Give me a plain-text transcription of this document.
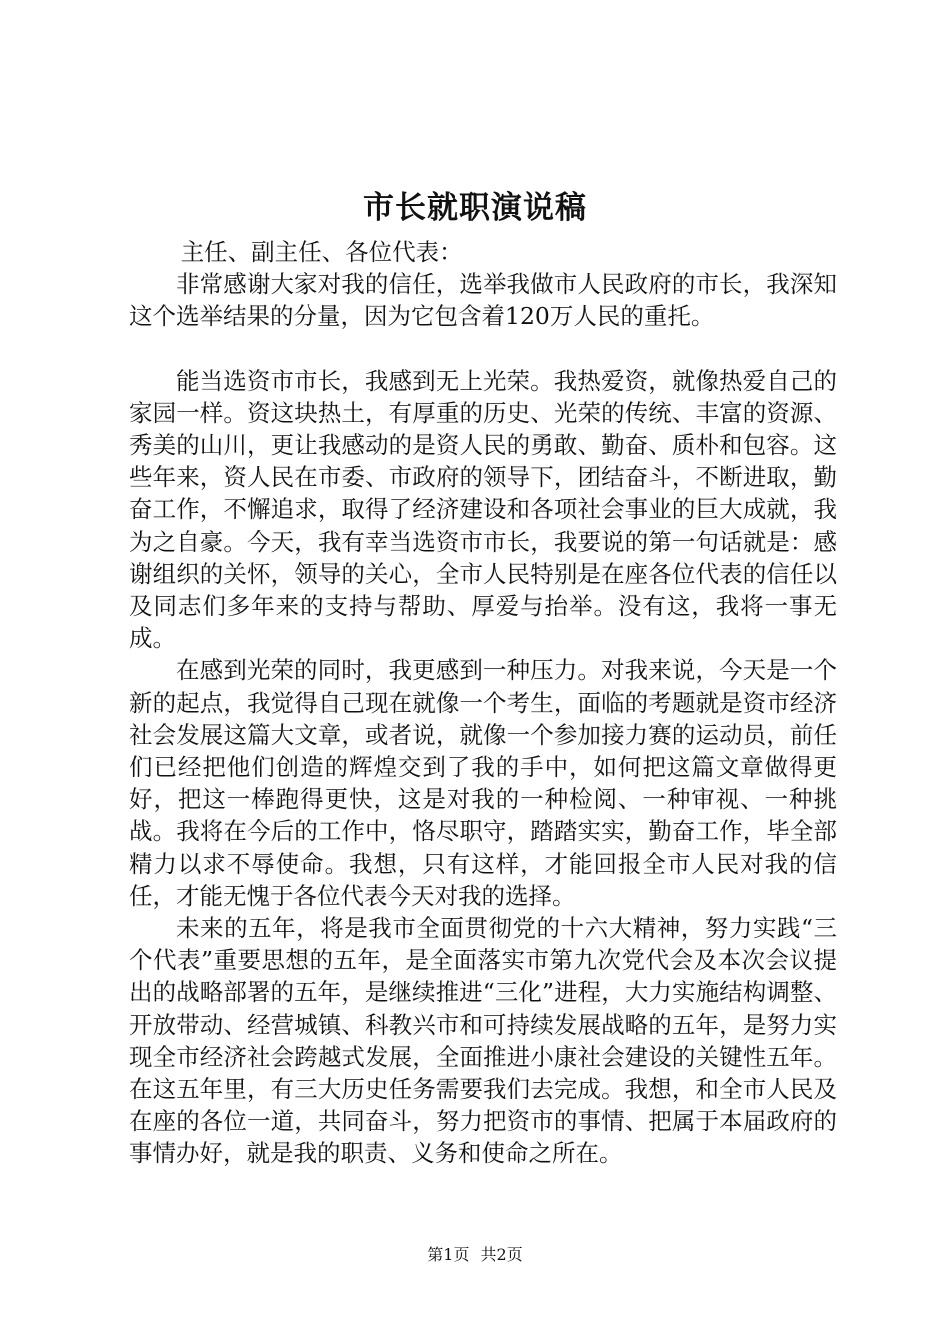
市长就职演说稿

主任、副主任、各位代表：

非常感谢大家对我的信任，选举我做市人民政府的市长，我深知这个选举结果的分量，因为它包含着120万人民的重托。

能当选资市市长，我感到无上光荣。我热爱资，就像热爱自己的家园一样。资这块热土，有厚重的历史、光荣的传统、丰富的资源、秀美的山川，更让我感动的是资人民的勇敢、勤奋、质朴和包容。这些年来，资人民在市委、市政府的领导下，团结奋斗，不断进取，勤奋工作，不懈追求，取得了经济建设和各项社会事业的巨大成就，我为之自豪。今天，我有幸当选资市市长，我要说的第一句话就是：感谢组织的关怀，领导的关心，全市人民特别是在座各位代表的信任以及同志们多年来的支持与帮助、厚爱与抬举。没有这，我将一事无成。

在感到光荣的同时，我更感到一种压力。对我来说，今天是一个新的起点，我觉得自己现在就像一个考生，面临的考题就是资市经济社会发展这篇大文章，或者说，就像一个参加接力赛的运动员，前任们已经把他们创造的辉煌交到了我的手中，如何把这篇文章做得更好，把这一棒跑得更快，这是对我的一种检阅、一种审视、一种挑战。我将在今后的工作中，恪尽职守，踏踏实实，勤奋工作，毕全部精力以求不辱使命。我想，只有这样，才能回报全市人民对我的信任，才能无愧于各位代表今天对我的选择。

未来的五年，将是我市全面贯彻党的十六大精神，努力实践“三个代表”重要思想的五年，是全面落实市第九次党代会及本次会议提出的战略部署的五年，是继续推进“三化”进程，大力实施结构调整、开放带动、经营城镇、科教兴市和可持续发展战略的五年，是努力实现全市经济社会跨越式发展，全面推进小康社会建设的关键性五年。在这五年里，有三大历史任务需要我们去完成。我想，和全市人民及在座的各位一道，共同奋斗，努力把资市的事情、把属于本届政府的事情办好，就是我的职责、义务和使命之所在。

第1页 共2页
